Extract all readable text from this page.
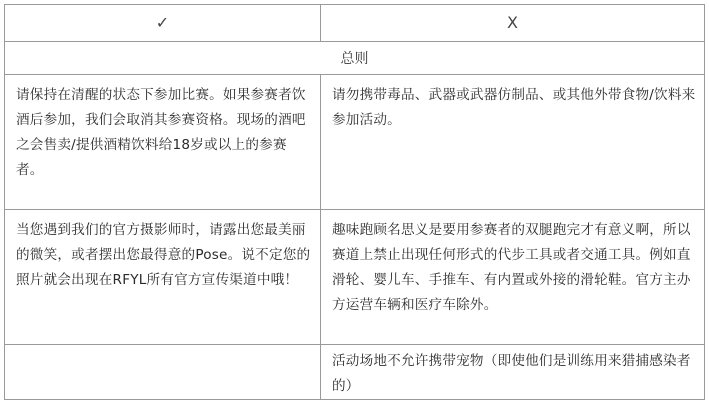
✓	X
总则	
请保持在清醒的状态下参加比赛。如果参赛者饮酒后参加，我们会取消其参赛资格。现场的酒吧之会售卖/提供酒精饮料给18岁或以上的参赛者。	请勿携带毒品、武器或武器仿制品、或其他外带食物/饮料来参加活动。
当您遇到我们的官方摄影师时，请露出您最美丽的微笑，或者摆出您最得意的Pose。说不定您的照片就会出现在RFYL所有官方宣传渠道中哦！	趣味跑顾名思义是要用参赛者的双腿跑完才有意义啊，所以赛道上禁止出现任何形式的代步工具或者交通工具。例如直滑轮、婴儿车、手推车、有内置或外接的滑轮鞋。官方主办方运营车辆和医疗车除外。
	活动场地不允许携带宠物（即使他们是训练用来猎捕感染者的）
